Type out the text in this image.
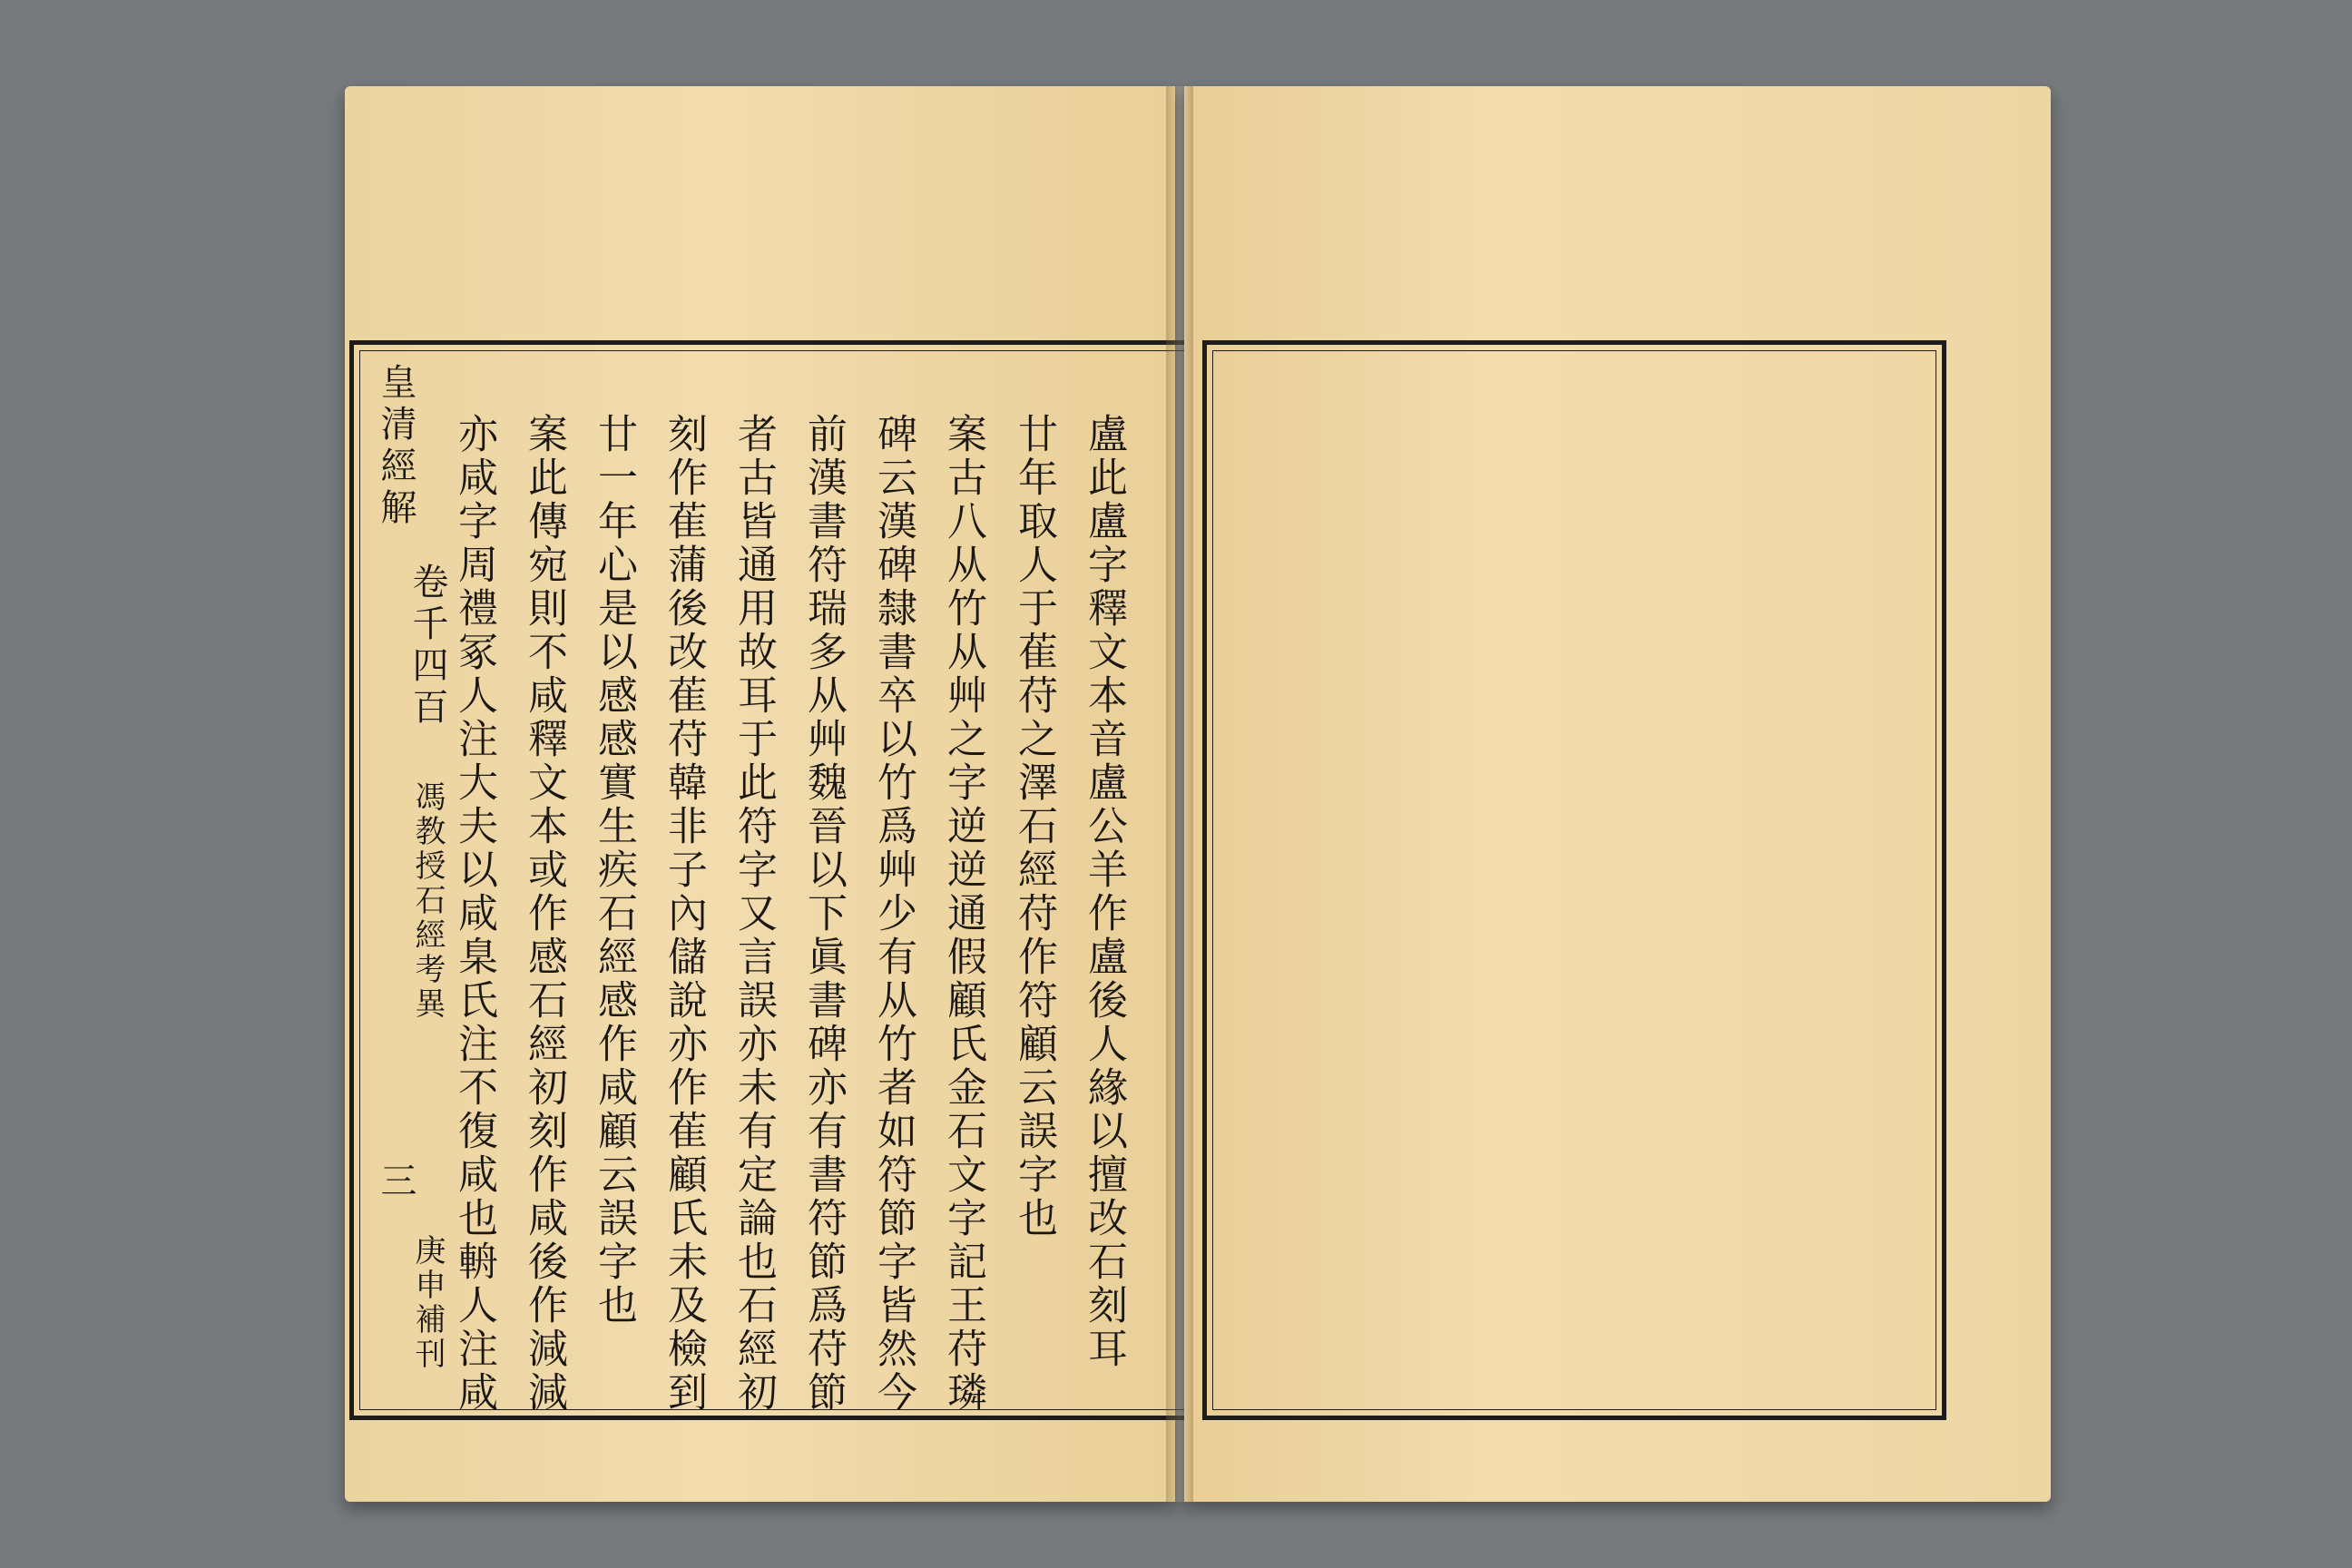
皇清經解
卷千四百
馮教授石經考異
三
庚申補刊	盧此盧字釋文本音盧公羊作盧後人緣以擅改石刻耳
廿年取人于萑苻之澤石經苻作符顧云誤字也
案古八从竹从艸之字逆逆通假顧氏金石文字記王苻璘
碑云漢碑隸書卒以竹爲艸少有从竹者如符節字皆然今
前漢書符瑞多从艸魏晉以下眞書碑亦有書符節爲苻節
者古皆通用故耳于此符字又言誤亦未有定論也石經初
刻作萑蒲後改萑苻韓非子內儲說亦作萑顧氏未及檢到
廿一年心是以感感實生疾石經感作咸顧云誤字也
案此傳宛則不咸釋文本或作感石經初刻作咸後作減減
亦咸字周禮冢人注大夫以咸臬氏注不復咸也輈人注咸
